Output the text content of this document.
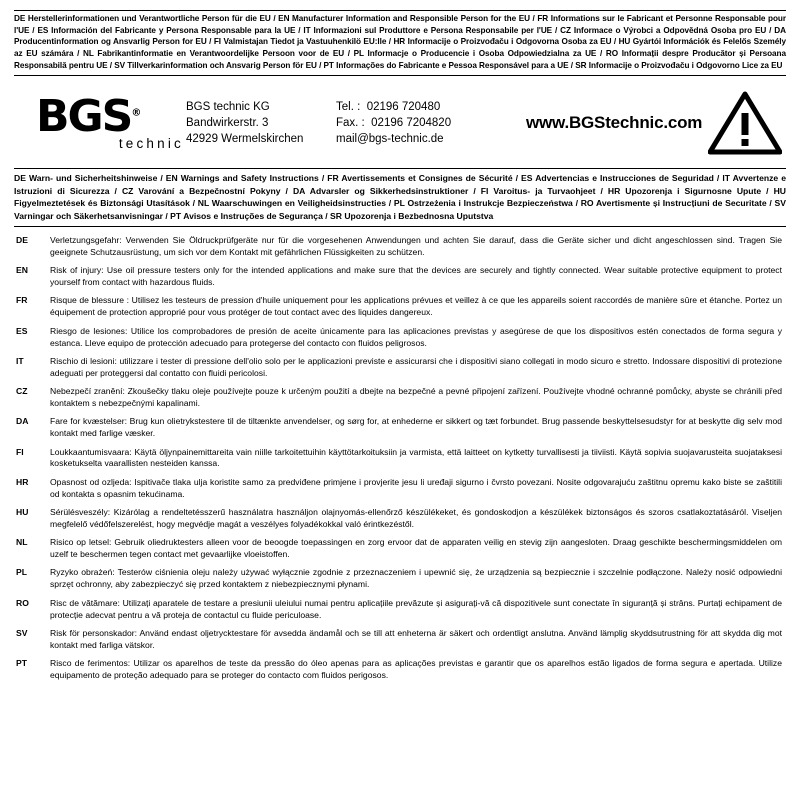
DE Herstellerinformationen und Verantwortliche Person für die EU / EN Manufacturer Information and Responsible Person for the EU / FR Informations sur le Fabricant et Personne Responsable pour l'UE / ES Información del Fabricante y Persona Responsable para la UE / IT Informazioni sul Produttore e Persona Responsabile per l'UE / CZ Informace o Výrobci a Odpovědná Osoba pro EU / DA Producentinformation og Ansvarlig Person for EU / FI Valmistajan Tiedot ja Vastuuhenkilö EU:lle / HR Informacije o Proizvođaču i Odgovorna Osoba za EU / HU Gyártói Információk és Felelős Személy az EU számára / NL Fabrikantinformatie en Verantwoordelijke Persoon voor de EU / PL Informacje o Producencie i Osoba Odpowiedzialna za UE / RO Informații despre Producător și Persoana Responsabilă pentru UE / SV Tillverkarinformation och Ansvarig Person för EU / PT Informações do Fabricante e Pessoa Responsável para a UE / SR Informacije o Proizvođaču i Odgovorno Lice za EU
BGS®
technic
BGS technic KG
Bandwirkerstr. 3
42929 Wermelskirchen
Tel. : 02196 720480
Fax. : 02196 7204820
mail@bgs-technic.de
www.BGStechnic.com
DE Warn- und Sicherheitshinweise / EN Warnings and Safety Instructions / FR Avertissements et Consignes de Sécurité / ES Advertencias e Instrucciones de Seguridad / IT Avvertenze e Istruzioni di Sicurezza / CZ Varování a Bezpečnostní Pokyny / DA Advarsler og Sikkerhedsinstruktioner / FI Varoitus- ja Turvaohjeet / HR Upozorenja i Sigurnosne Upute / HU Figyelmeztetések és Biztonsági Utasítások / NL Waarschuwingen en Veiligheidsinstructies / PL Ostrzeżenia i Instrukcje Bezpieczeństwa / RO Avertismente și Instrucțiuni de Securitate / SV Varningar och Säkerhetsanvisningar / PT Avisos e Instruções de Segurança / SR Upozorenja i Bezbednosna Uputstva
DE	Verletzungsgefahr: Verwenden Sie Öldruckprüfgeräte nur für die vorgesehenen Anwendungen und achten Sie darauf, dass die Geräte sicher und dicht angeschlossen sind. Tragen Sie geeignete Schutzausrüstung, um sich vor dem Kontakt mit gefährlichen Flüssigkeiten zu schützen.
EN	Risk of injury: Use oil pressure testers only for the intended applications and make sure that the devices are securely and tightly connected. Wear suitable protective equipment to protect yourself from contact with hazardous fluids.
FR	Risque de blessure : Utilisez les testeurs de pression d'huile uniquement pour les applications prévues et veillez à ce que les appareils soient raccordés de manière sûre et étanche. Portez un équipement de protection approprié pour vous protéger de tout contact avec des liquides dangereux.
ES	Riesgo de lesiones: Utilice los comprobadores de presión de aceite únicamente para las aplicaciones previstas y asegúrese de que los dispositivos estén conectados de forma segura y estanca. Lleve equipo de protección adecuado para protegerse del contacto con fluidos peligrosos.
IT	Rischio di lesioni: utilizzare i tester di pressione dell'olio solo per le applicazioni previste e assicurarsi che i dispositivi siano collegati in modo sicuro e stretto. Indossare dispositivi di protezione adeguati per proteggersi dal contatto con fluidi pericolosi.
CZ	Nebezpečí zranění: Zkoušečky tlaku oleje používejte pouze k určeným použití a dbejte na bezpečné a pevné připojení zařízení. Používejte vhodné ochranné pomůcky, abyste se chránili před kontaktem s nebezpečnými kapalinami.
DA	Fare for kvæstelser: Brug kun olietrykstestere til de tiltænkte anvendelser, og sørg for, at enhederne er sikkert og tæt forbundet. Brug passende beskyttelsesudstyr for at beskytte dig selv mod kontakt med farlige væsker.
FI	Loukkaantumisvaara: Käytä öljynpainemittareita vain niille tarkoitettuihin käyttötarkoituksiin ja varmista, että laitteet on kytketty turvallisesti ja tiiviisti. Käytä sopivia suojavarusteita suojataksesi kosketukselta vaarallisten nesteiden kanssa.
HR	Opasnost od ozljeda: Ispitivače tlaka ulja koristite samo za predviđene primjene i provjerite jesu li uređaji sigurno i čvrsto povezani. Nosite odgovarajuću zaštitnu opremu kako biste se zaštitili od kontakta s opasnim tekućinama.
HU	Sérülésveszély: Kizárólag a rendeltetésszerű használatra használjon olajnyomás-ellenőrző készülékeket, és gondoskodjon a készülékek biztonságos és szoros csatlakoztatásáról. Viseljen megfelelő védőfelszerelést, hogy megvédje magát a veszélyes folyadékokkal való érintkezéstől.
NL	Risico op letsel: Gebruik oliedruktesters alleen voor de beoogde toepassingen en zorg ervoor dat de apparaten veilig en stevig zijn aangesloten. Draag geschikte beschermingsmiddelen om uzelf te beschermen tegen contact met gevaarlijke vloeistoffen.
PL	Ryzyko obrażeń: Testerów ciśnienia oleju należy używać wyłącznie zgodnie z przeznaczeniem i upewnić się, że urządzenia są bezpiecznie i szczelnie podłączone. Należy nosić odpowiedni sprzęt ochronny, aby zabezpieczyć się przed kontaktem z niebezpiecznymi płynami.
RO	Risc de vătămare: Utilizați aparatele de testare a presiunii uleiului numai pentru aplicațiile prevăzute și asigurați-vă că dispozitivele sunt conectate în siguranță și strâns. Purtați echipament de protecție adecvat pentru a vă proteja de contactul cu fluide periculoase.
SV	Risk för personskador: Använd endast oljetrycktestare för avsedda ändamål och se till att enheterna är säkert och ordentligt anslutna. Använd lämplig skyddsutrustning för att skydda dig mot kontakt med farliga vätskor.
PT	Risco de ferimentos: Utilizar os aparelhos de teste da pressão do óleo apenas para as aplicações previstas e garantir que os aparelhos estão ligados de forma segura e apertada. Utilize equipamento de proteção adequado para se proteger do contacto com fluidos perigosos.
